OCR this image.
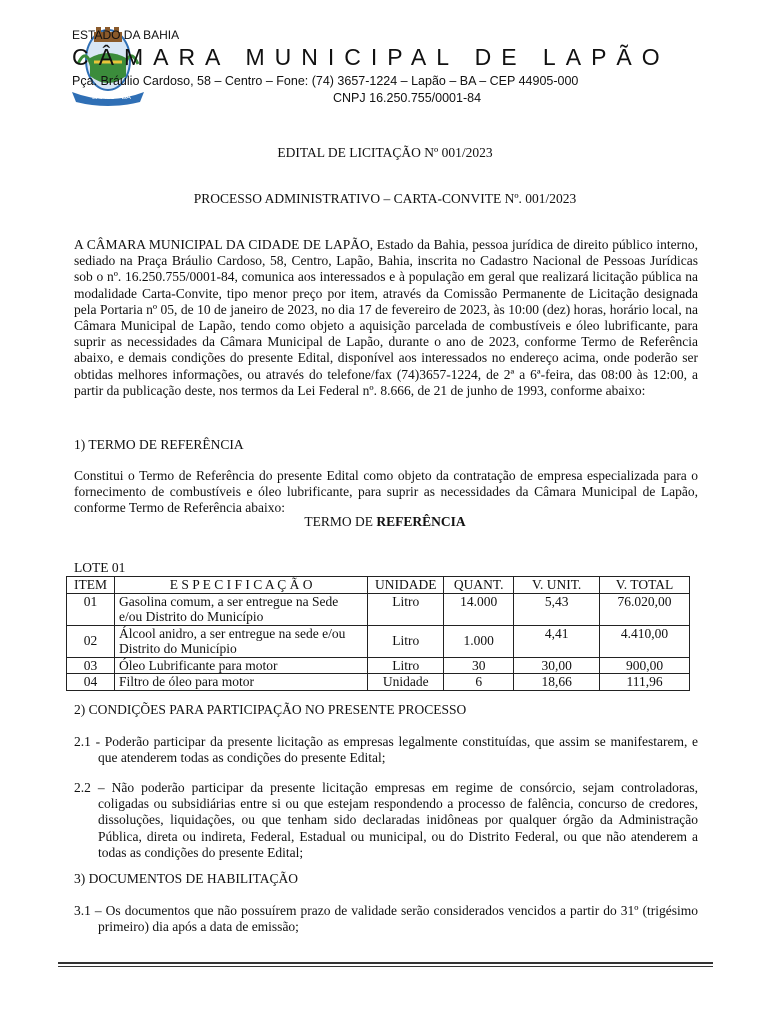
LAPÃO - BA
ESTADO DA BAHIA
CÂMARA MUNICIPAL DE LAPÃO
Pça. Bráulio Cardoso, 58 – Centro – Fone: (74) 3657-1224 – Lapão – BA – CEP 44905-000
CNPJ 16.250.755/0001-84
EDITAL DE LICITAÇÃO Nº 001/2023
PROCESSO ADMINISTRATIVO – CARTA-CONVITE Nº. 001/2023
A CÂMARA MUNICIPAL DA CIDADE DE LAPÃO, Estado da Bahia, pessoa jurídica de direito público interno, sediado na Praça Bráulio Cardoso, 58, Centro, Lapão, Bahia, inscrita no Cadastro Nacional de Pessoas Jurídicas sob o nº. 16.250.755/0001-84, comunica aos interessados e à população em geral que realizará licitação pública na modalidade Carta-Convite, tipo menor preço por item, através da Comissão Permanente de Licitação designada pela Portaria nº 05, de 10 de janeiro de 2023, no dia 17 de fevereiro de 2023, às 10:00 (dez) horas, horário local, na Câmara Municipal de Lapão, tendo como objeto a aquisição parcelada de combustíveis e óleo lubrificante, para suprir as necessidades da Câmara Municipal de Lapão, durante o ano de 2023, conforme Termo de Referência abaixo, e demais condições do presente Edital, disponível aos interessados no endereço acima, onde poderão ser obtidas melhores informações, ou através do telefone/fax (74)3657-1224, de 2ª a 6ª-feira, das 08:00 às 12:00, a partir da publicação deste, nos termos da Lei Federal nº. 8.666, de 21 de junho de 1993, conforme abaixo:
1) TERMO DE REFERÊNCIA
Constitui o Termo de Referência do presente Edital como objeto da contratação de empresa especializada para o fornecimento de combustíveis e óleo lubrificante, para suprir as necessidades da Câmara Municipal de Lapão, conforme Termo de Referência abaixo:
TERMO DE REFERÊNCIA
LOTE 01
ITEM	E S P E C I F I C A Ç Ã O	UNIDADE	QUANT.	V. UNIT.	V. TOTAL
01	Gasolina comum, a ser entregue na Sede e/ou Distrito do Município	Litro	14.000	5,43	76.020,00
02	Álcool anidro, a ser entregue na sede e/ou Distrito do Município	Litro	1.000	4,41	4.410,00
03	Óleo Lubrificante para motor	Litro	30	30,00	900,00
04	Filtro de óleo para motor	Unidade	6	18,66	111,96
2) CONDIÇÕES PARA PARTICIPAÇÃO NO PRESENTE PROCESSO
2.1 - Poderão participar da presente licitação as empresas legalmente constituídas, que assim se manifestarem, e que atenderem todas as condições do presente Edital;
2.2 – Não poderão participar da presente licitação empresas em regime de consórcio, sejam controladoras, coligadas ou subsidiárias entre si ou que estejam respondendo a processo de falência, concurso de credores, dissoluções, liquidações, ou que tenham sido declaradas inidôneas por qualquer órgão da Administração Pública, direta ou indireta, Federal, Estadual ou municipal, ou do Distrito Federal, ou que não atenderem a todas as condições do presente Edital;
3) DOCUMENTOS DE HABILITAÇÃO
3.1 – Os documentos que não possuírem prazo de validade serão considerados vencidos a partir do 31º (trigésimo primeiro) dia após a data de emissão;
